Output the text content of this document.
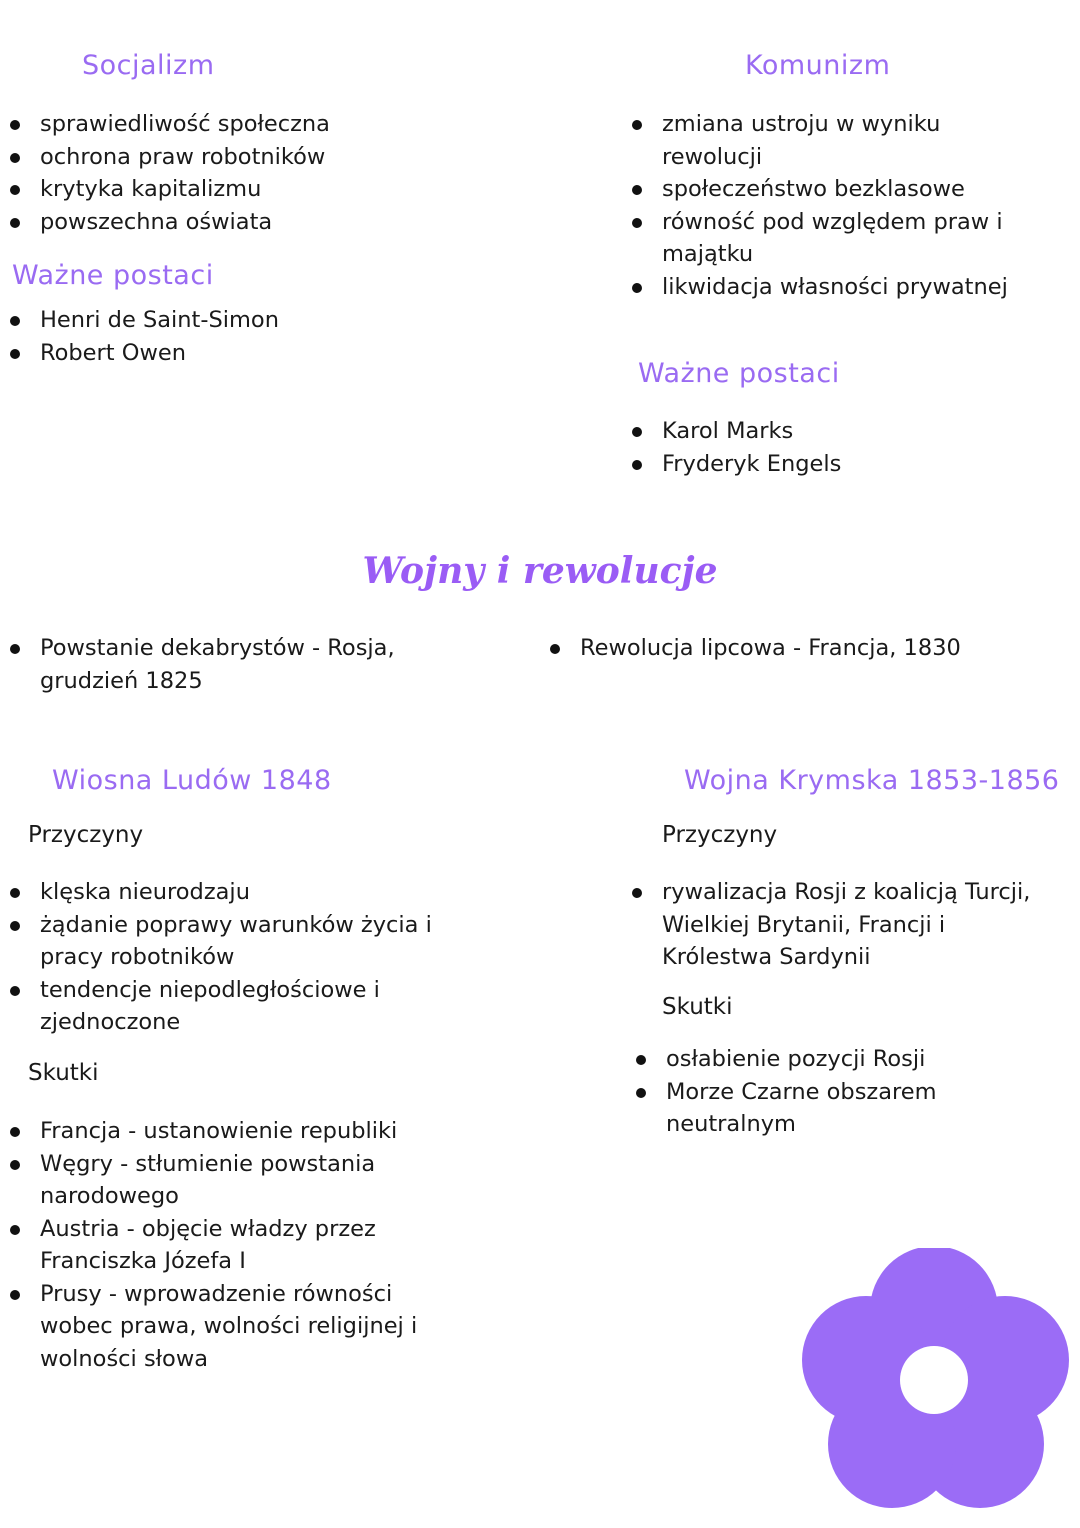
Socjalizm
sprawiedliwość społeczna
ochrona praw robotników
krytyka kapitalizmu
powszechna oświata
Ważne postaci
Henri de Saint-Simon
Robert Owen
Komunizm
zmiana ustroju w wyniku rewolucji
społeczeństwo bezklasowe
równość pod względem praw i majątku
likwidacja własności prywatnej
Ważne postaci
Karol Marks
Fryderyk Engels
Wojny i rewolucje
Powstanie dekabrystów - Rosja, grudzień 1825
Rewolucja lipcowa - Francja, 1830
Wiosna Ludów 1848
Przyczyny
klęska nieurodzaju
żądanie poprawy warunków życia i pracy robotników
tendencje niepodległościowe i zjednoczone
Skutki
Francja - ustanowienie republiki
Węgry - stłumienie powstania narodowego
Austria - objęcie władzy przez Franciszka Józefa I
Prusy - wprowadzenie równości wobec prawa, wolności religijnej i wolności słowa
Wojna Krymska 1853-1856
Przyczyny
rywalizacja Rosji z koalicją Turcji, Wielkiej Brytanii, Francji i Królestwa Sardynii
Skutki
osłabienie pozycji Rosji
Morze Czarne obszarem neutralnym
